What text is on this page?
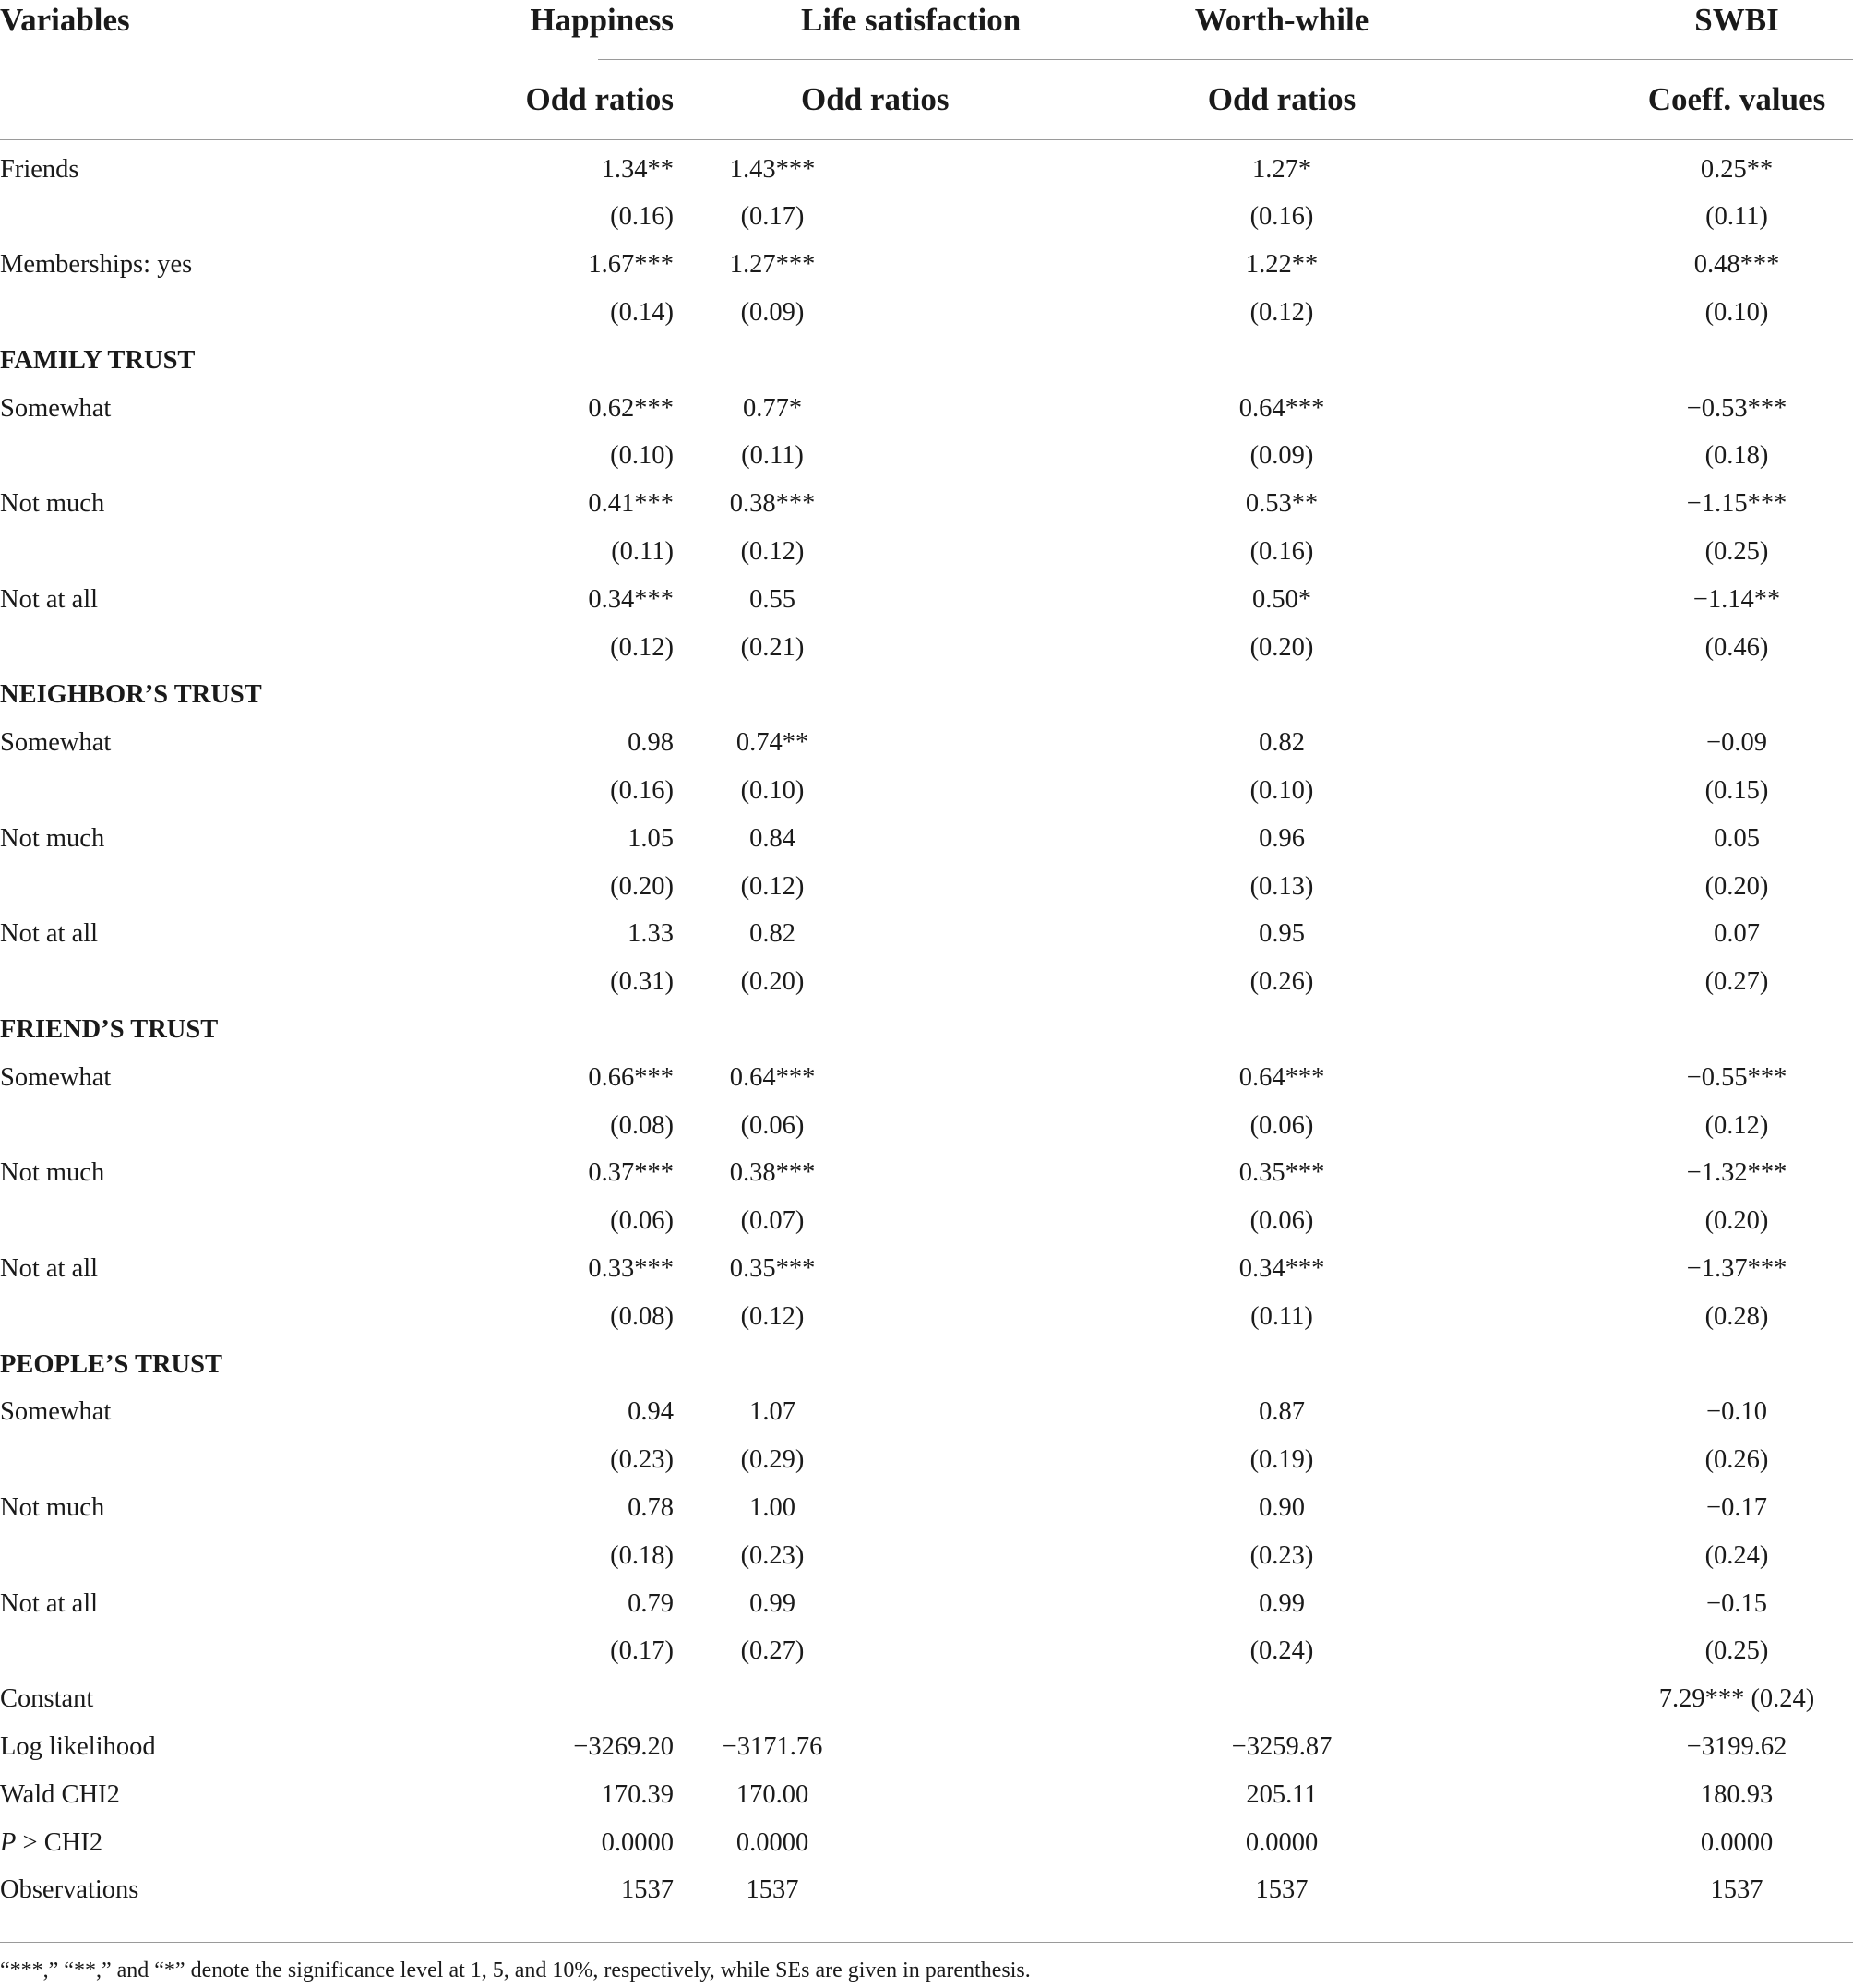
Variables	Happiness	Life satisfaction	Worth-while	SWBI
	Odd ratios	Odd ratios	Odd ratios	Coeff. values
Friends	1.34**	1.43***	1.27*	0.25**
	(0.16)	(0.17)	(0.16)	(0.11)
Memberships: yes	1.67***	1.27***	1.22**	0.48***
	(0.14)	(0.09)	(0.12)	(0.10)
FAMILY TRUST				
Somewhat	0.62***	0.77*	0.64***	−0.53***
	(0.10)	(0.11)	(0.09)	(0.18)
Not much	0.41***	0.38***	0.53**	−1.15***
	(0.11)	(0.12)	(0.16)	(0.25)
Not at all	0.34***	0.55	0.50*	−1.14**
	(0.12)	(0.21)	(0.20)	(0.46)
NEIGHBOR’S TRUST				
Somewhat	0.98	0.74**	0.82	−0.09
	(0.16)	(0.10)	(0.10)	(0.15)
Not much	1.05	0.84	0.96	0.05
	(0.20)	(0.12)	(0.13)	(0.20)
Not at all	1.33	0.82	0.95	0.07
	(0.31)	(0.20)	(0.26)	(0.27)
FRIEND’S TRUST				
Somewhat	0.66***	0.64***	0.64***	−0.55***
	(0.08)	(0.06)	(0.06)	(0.12)
Not much	0.37***	0.38***	0.35***	−1.32***
	(0.06)	(0.07)	(0.06)	(0.20)
Not at all	0.33***	0.35***	0.34***	−1.37***
	(0.08)	(0.12)	(0.11)	(0.28)
PEOPLE’S TRUST				
Somewhat	0.94	1.07	0.87	−0.10
	(0.23)	(0.29)	(0.19)	(0.26)
Not much	0.78	1.00	0.90	−0.17
	(0.18)	(0.23)	(0.23)	(0.24)
Not at all	0.79	0.99	0.99	−0.15
	(0.17)	(0.27)	(0.24)	(0.25)
Constant				7.29*** (0.24)
Log likelihood	−3269.20	−3171.76	−3259.87	−3199.62
Wald CHI2	170.39	170.00	205.11	180.93
P > CHI2	0.0000	0.0000	0.0000	0.0000
Observations	1537	1537	1537	1537
“***,” “**,” and “*” denote the significance level at 1, 5, and 10%, respectively, while SEs are given in parenthesis.
